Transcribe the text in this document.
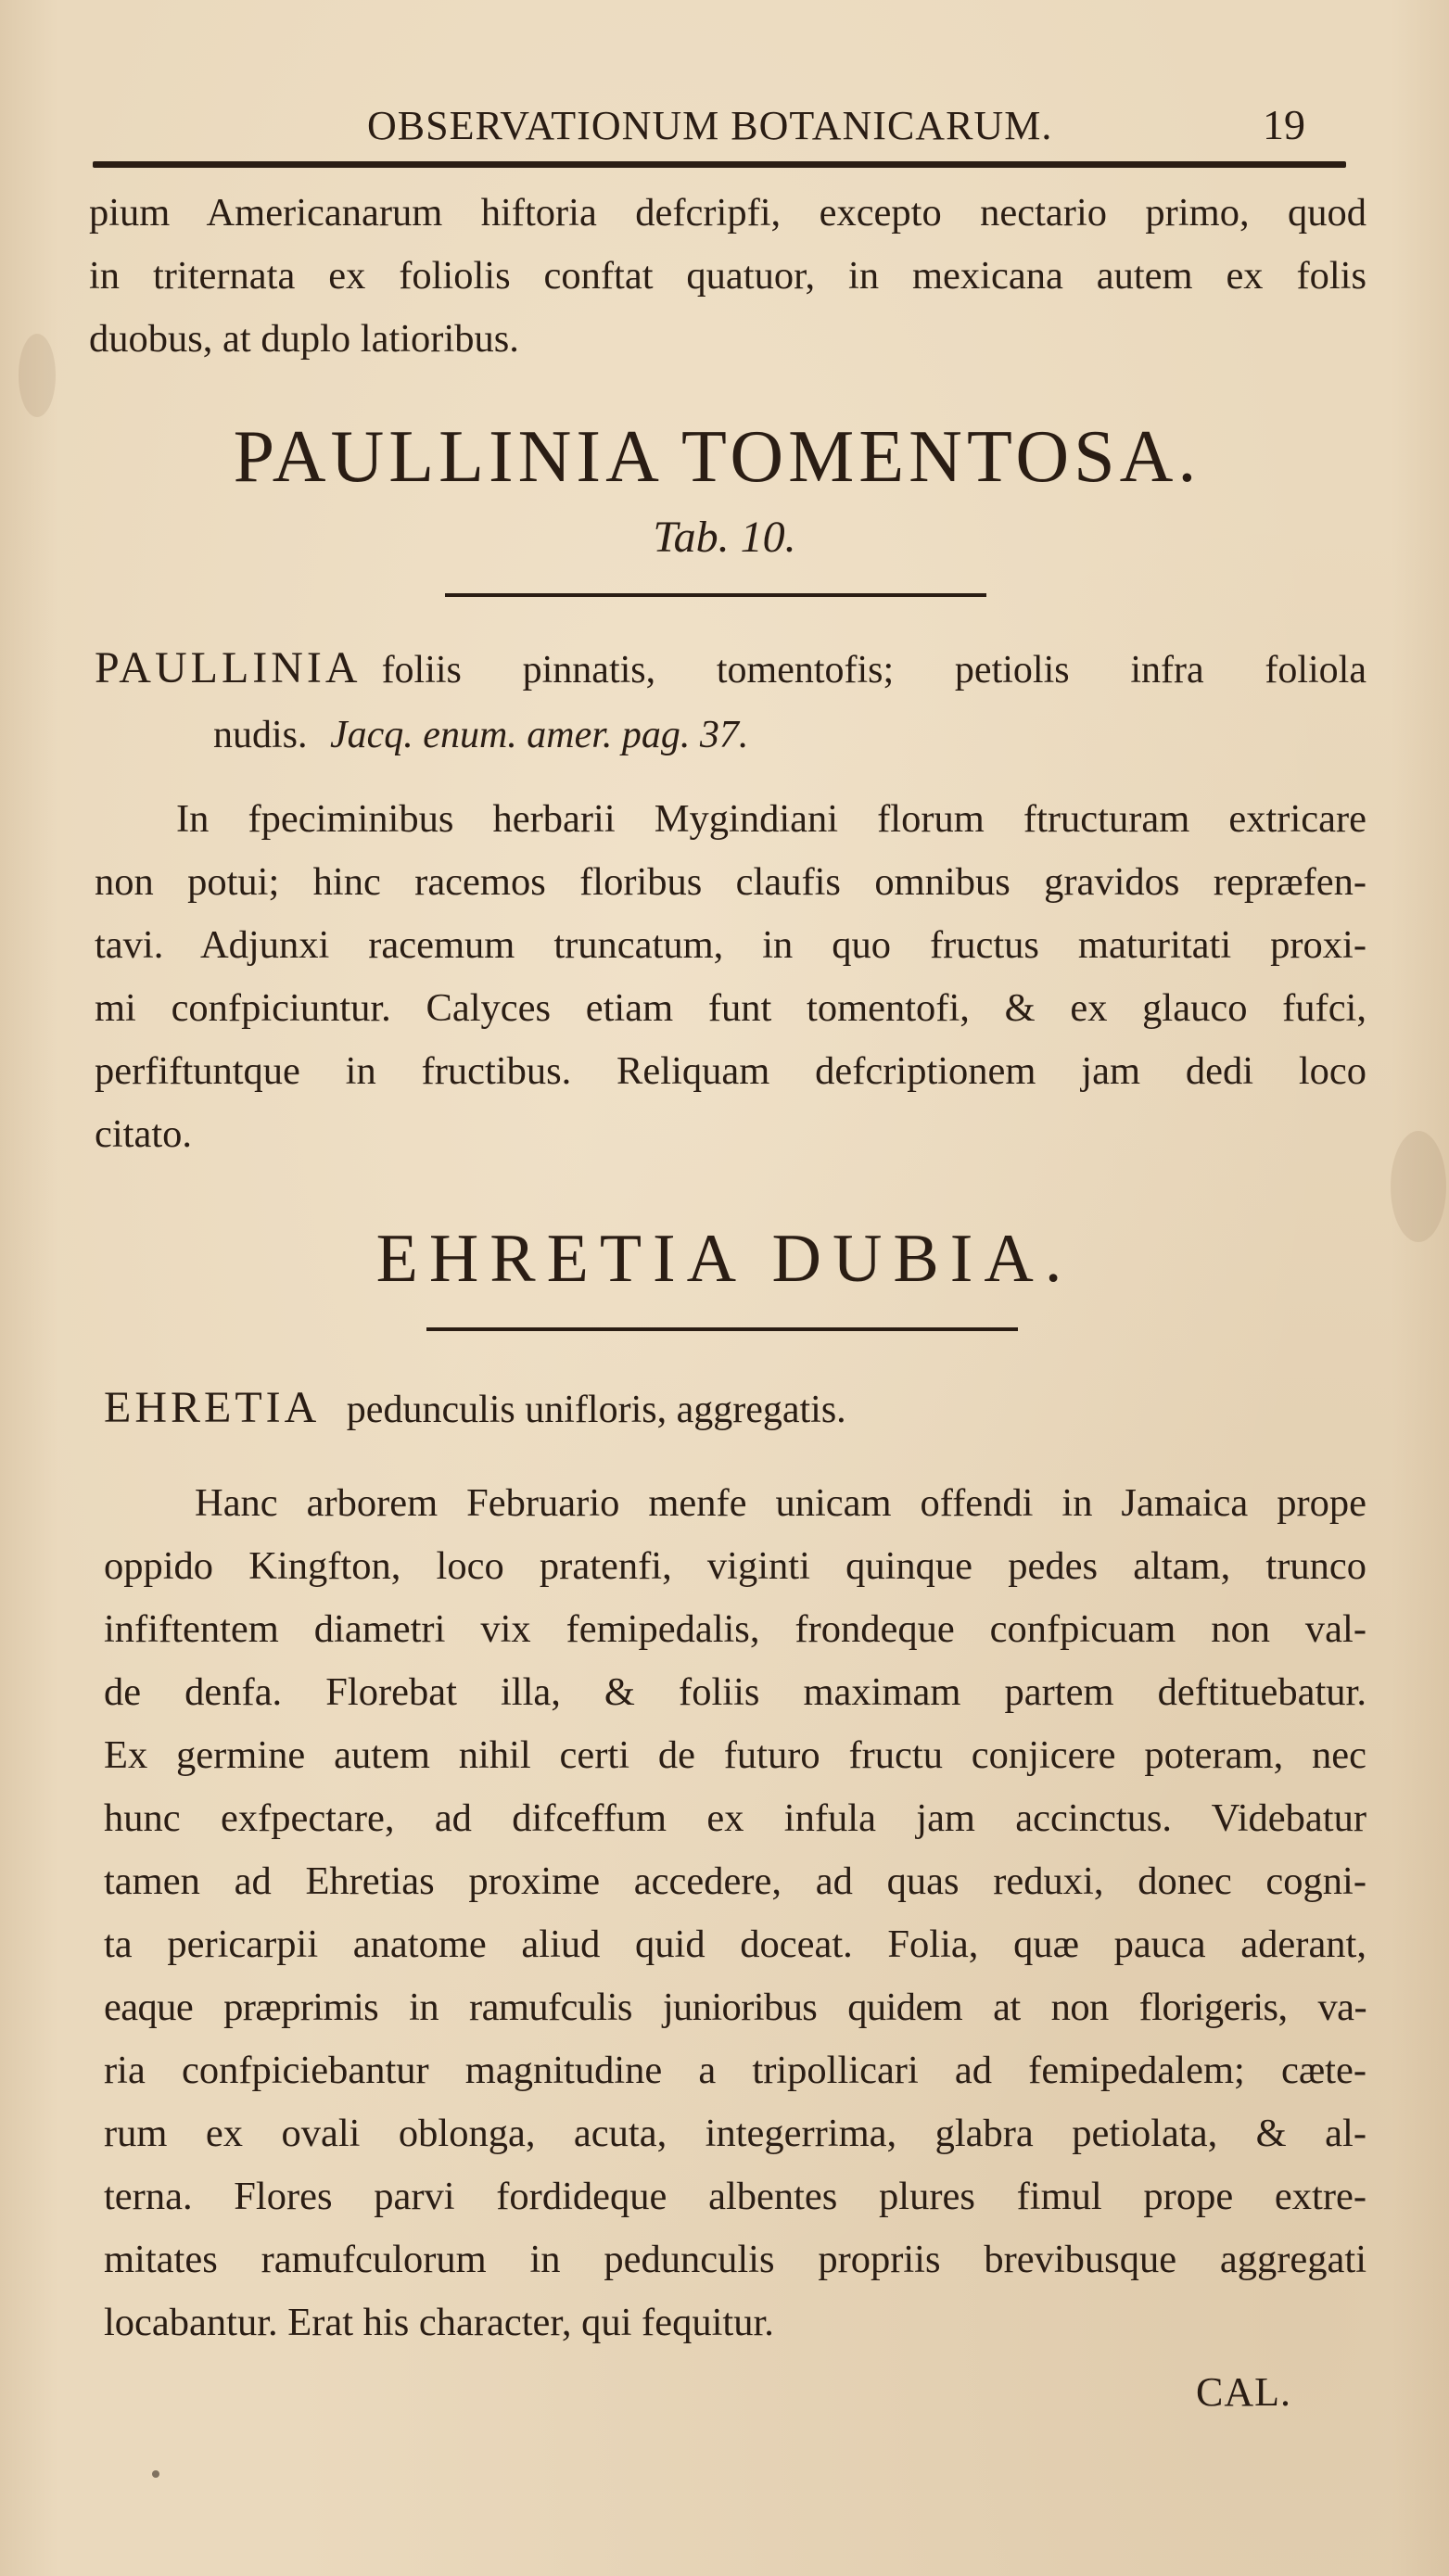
OBSERVATIONUM BOTANICARUM.	19
pium Americanarum hiftoria defcripfi, excepto nectario primo, quod
in triternata ex foliolis conftat quatuor, in mexicana autem ex folis
duobus, at duplo latioribus.
PAULLINIA TOMENTOSA.
Tab. 10.
PAULLINIA foliis pinnatis, tomentofis; petiolis infra foliola
nudis. Jacq. enum. amer. pag. 37.
In fpeciminibus herbarii Mygindiani florum ftructuram extricare
non potui; hinc racemos floribus claufis omnibus gravidos repræfen-
tavi. Adjunxi racemum truncatum, in quo fructus maturitati proxi-
mi confpiciuntur. Calyces etiam funt tomentofi, & ex glauco fufci,
perfiftuntque in fructibus. Reliquam defcriptionem jam dedi loco
citato.
EHRETIA DUBIA.
EHRETIA pedunculis unifloris, aggregatis.
Hanc arborem Februario menfe unicam offendi in Jamaica prope
oppido Kingfton, loco pratenfi, viginti quinque pedes altam, trunco
infiftentem diametri vix femipedalis, frondeque confpicuam non val-
de denfa. Florebat illa, & foliis maximam partem deftituebatur.
Ex germine autem nihil certi de futuro fructu conjicere poteram, nec
hunc exfpectare, ad difceffum ex infula jam accinctus. Videbatur
tamen ad Ehretias proxime accedere, ad quas reduxi, donec cogni-
ta pericarpii anatome aliud quid doceat. Folia, quæ pauca aderant,
eaque præprimis in ramufculis junioribus quidem at non florigeris, va-
ria confpiciebantur magnitudine a tripollicari ad femipedalem; cæte-
rum ex ovali oblonga, acuta, integerrima, glabra petiolata, & al-
terna. Flores parvi fordideque albentes plures fimul prope extre-
mitates ramufculorum in pedunculis propriis brevibusque aggregati
locabantur. Erat his character, qui fequitur.
CAL.
